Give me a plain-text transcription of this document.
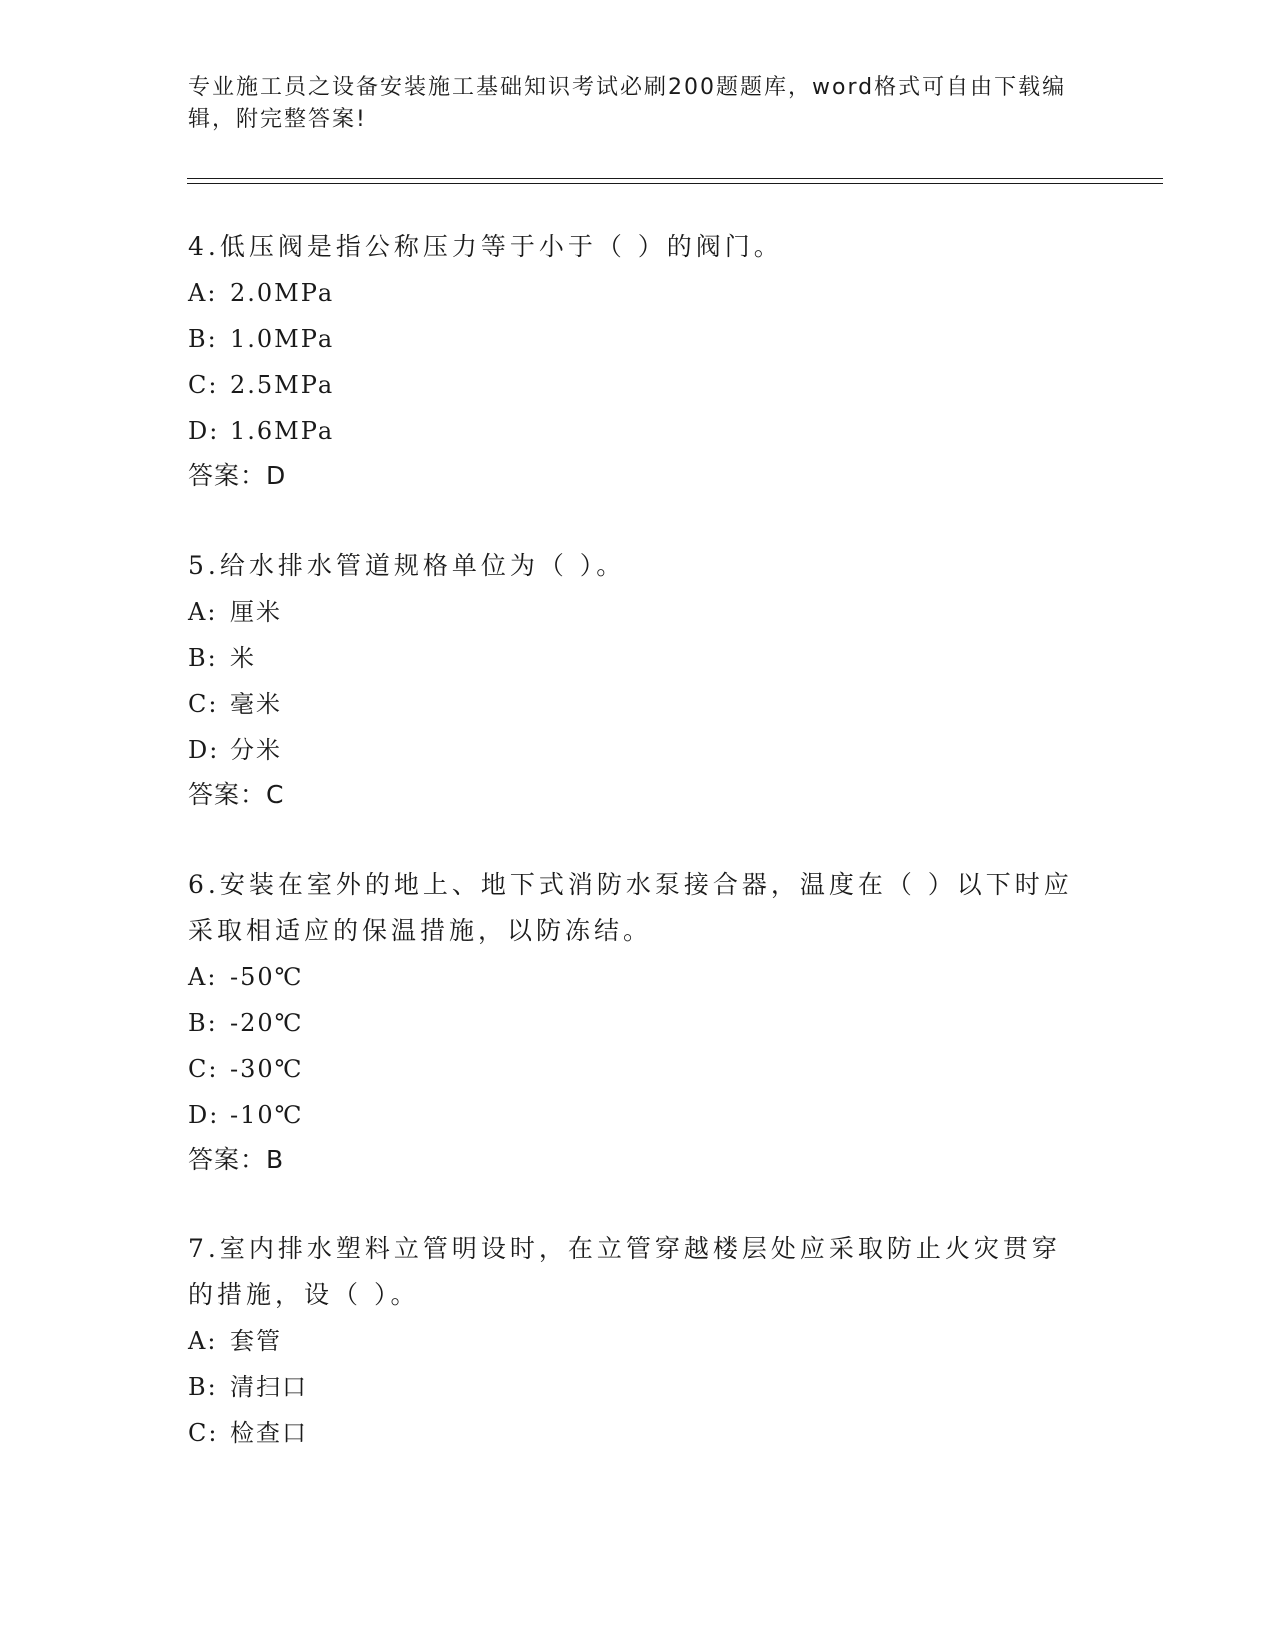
专业施工员之设备安装施工基础知识考试必刷200题题库，word格式可自由下载编辑，附完整答案!

4.低压阀是指公称压力等于小于（ ）的阀门。

A: 2.0MPa

B: 1.0MPa

C: 2.5MPa

D: 1.6MPa

答案：D

5.给水排水管道规格单位为（ ）。

A: 厘米

B: 米

C: 毫米

D: 分米

答案：C

6.安装在室外的地上、地下式消防水泵接合器，温度在（ ）以下时应采取相适应的保温措施，以防冻结。

A: -50℃

B: -20℃

C: -30℃

D: -10℃

答案：B

7.室内排水塑料立管明设时，在立管穿越楼层处应采取防止火灾贯穿的措施，设（ ）。

A: 套管

B: 清扫口

C: 检查口
